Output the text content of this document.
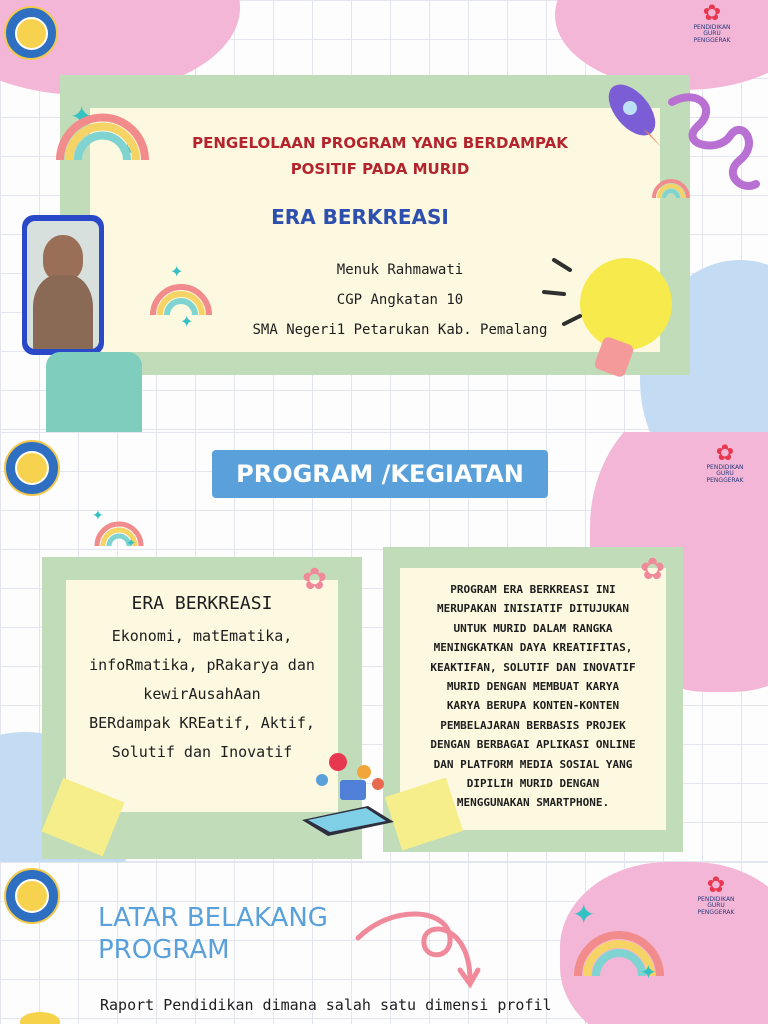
✿
PENDIDIKAN
GURU
PENGGERAK
PENGELOLAAN PROGRAM YANG BERDAMPAK
POSITIF PADA MURID
ERA BERKREASI
Menuk Rahmawati
CGP Angkatan 10
SMA Negeri1 Petarukan Kab. Pemalang
✦
✦
✦
✦
✿
PENDIDIKAN
GURU
PENGGERAK
PROGRAM /KEGIATAN
✦
✦
✿
ERA BERKREASI
Ekonomi, matEmatika,
infoRmatika, pRakarya dan
kewirAusahAan
BERdampak KREatif, Aktif,
Solutif dan Inovatif
✿
PROGRAM ERA BERKREASI INI
MERUPAKAN INISIATIF DITUJUKAN
UNTUK MURID DALAM RANGKA
MENINGKATKAN DAYA KREATIFITAS,
KEAKTIFAN, SOLUTIF DAN INOVATIF
MURID DENGAN MEMBUAT KARYA
KARYA BERUPA KONTEN-KONTEN
PEMBELAJARAN BERBASIS PROJEK
DENGAN BERBAGAI APLIKASI ONLINE
DAN PLATFORM MEDIA SOSIAL YANG
DIPILIH MURID DENGAN
MENGGUNAKAN SMARTPHONE.
✿
PENDIDIKAN
GURU
PENGGERAK
LATAR BELAKANG
PROGRAM
✦
✦
Raport Pendidikan dimana salah satu dimensi profil
